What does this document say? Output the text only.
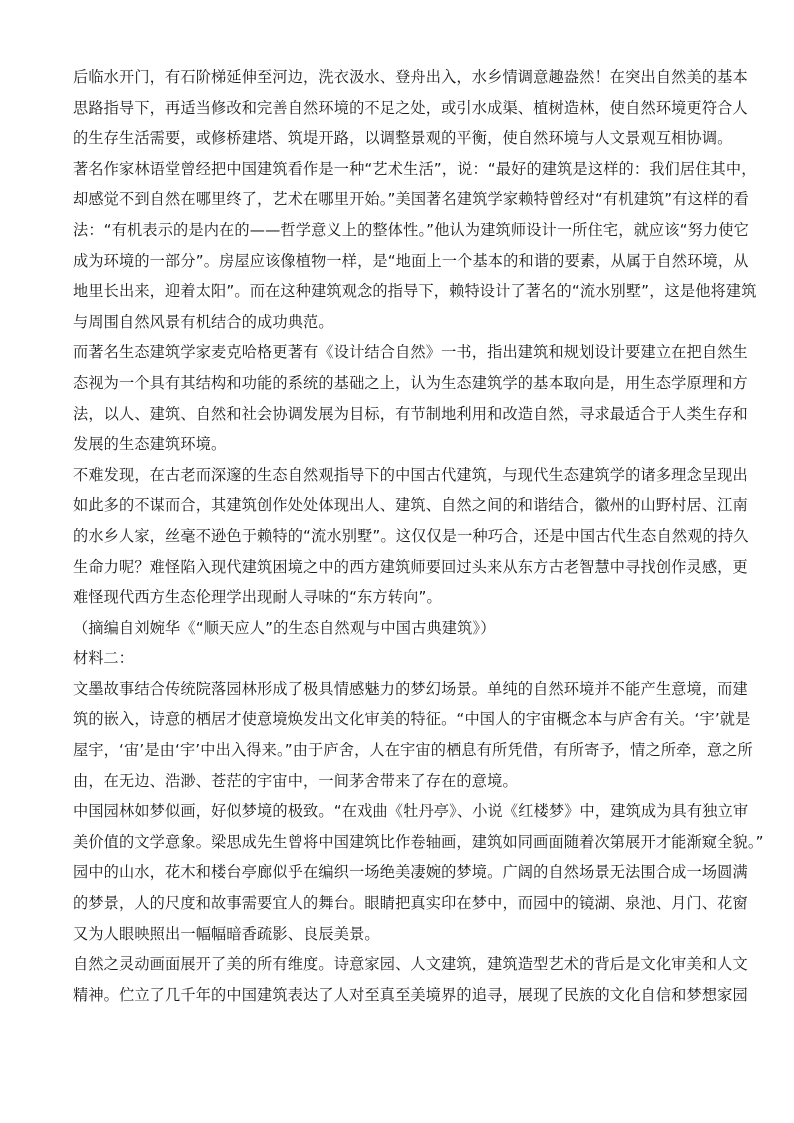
后临水开门，有石阶梯延伸至河边，洗衣汲水、登舟出入，水乡情调意趣盎然！在突出自然美的基本
思路指导下，再适当修改和完善自然环境的不足之处，或引水成渠、植树造林，使自然环境更符合人
的生存生活需要，或修桥建塔、筑堤开路，以调整景观的平衡，使自然环境与人文景观互相协调。

著名作家林语堂曾经把中国建筑看作是一种“艺术生活”，说：“最好的建筑是这样的：我们居住其中，
却感觉不到自然在哪里终了，艺术在哪里开始。”美国著名建筑学家赖特曾经对“有机建筑”有这样的看
法：“有机表示的是内在的——哲学意义上的整体性。”他认为建筑师设计一所住宅，就应该“努力使它
成为环境的一部分”。房屋应该像植物一样，是“地面上一个基本的和谐的要素，从属于自然环境，从
地里长出来，迎着太阳”。而在这种建筑观念的指导下，赖特设计了著名的“流水别墅”，这是他将建筑
与周围自然风景有机结合的成功典范。

而著名生态建筑学家麦克哈格更著有《设计结合自然》一书，指出建筑和规划设计要建立在把自然生
态视为一个具有其结构和功能的系统的基础之上，认为生态建筑学的基本取向是，用生态学原理和方
法，以人、建筑、自然和社会协调发展为目标，有节制地利用和改造自然，寻求最适合于人类生存和
发展的生态建筑环境。

不难发现，在古老而深邃的生态自然观指导下的中国古代建筑，与现代生态建筑学的诸多理念呈现出
如此多的不谋而合，其建筑创作处处体现出人、建筑、自然之间的和谐结合，徽州的山野村居、江南
的水乡人家，丝毫不逊色于赖特的“流水别墅”。这仅仅是一种巧合，还是中国古代生态自然观的持久
生命力呢？难怪陷入现代建筑困境之中的西方建筑师要回过头来从东方古老智慧中寻找创作灵感，更
难怪现代西方生态伦理学出现耐人寻味的“东方转向”。

（摘编自刘婉华《“顺天应人”的生态自然观与中国古典建筑》）

材料二：

文墨故事结合传统院落园林形成了极具情感魅力的梦幻场景。单纯的自然环境并不能产生意境，而建
筑的嵌入，诗意的栖居才使意境焕发出文化审美的特征。“中国人的宇宙概念本与庐舍有关。‘宇’就是
屋宇，‘宙’是由‘宇’中出入得来。”由于庐舍，人在宇宙的栖息有所凭借，有所寄予，情之所牵，意之所
由，在无边、浩渺、苍茫的宇宙中，一间茅舍带来了存在的意境。

中国园林如梦似画，好似梦境的极致。“在戏曲《牡丹亭》、小说《红楼梦》中，建筑成为具有独立审
美价值的文学意象。梁思成先生曾将中国建筑比作卷轴画，建筑如同画面随着次第展开才能渐窥全貌。”
园中的山水，花木和楼台亭廊似乎在编织一场绝美凄婉的梦境。广阔的自然场景无法围合成一场圆满
的梦景，人的尺度和故事需要宜人的舞台。眼睛把真实印在梦中，而园中的镜湖、泉池、月门、花窗
又为人眼映照出一幅幅暗香疏影、良辰美景。

自然之灵动画面展开了美的所有维度。诗意家园、人文建筑，建筑造型艺术的背后是文化审美和人文
精神。伫立了几千年的中国建筑表达了人对至真至美境界的追寻，展现了民族的文化自信和梦想家园
